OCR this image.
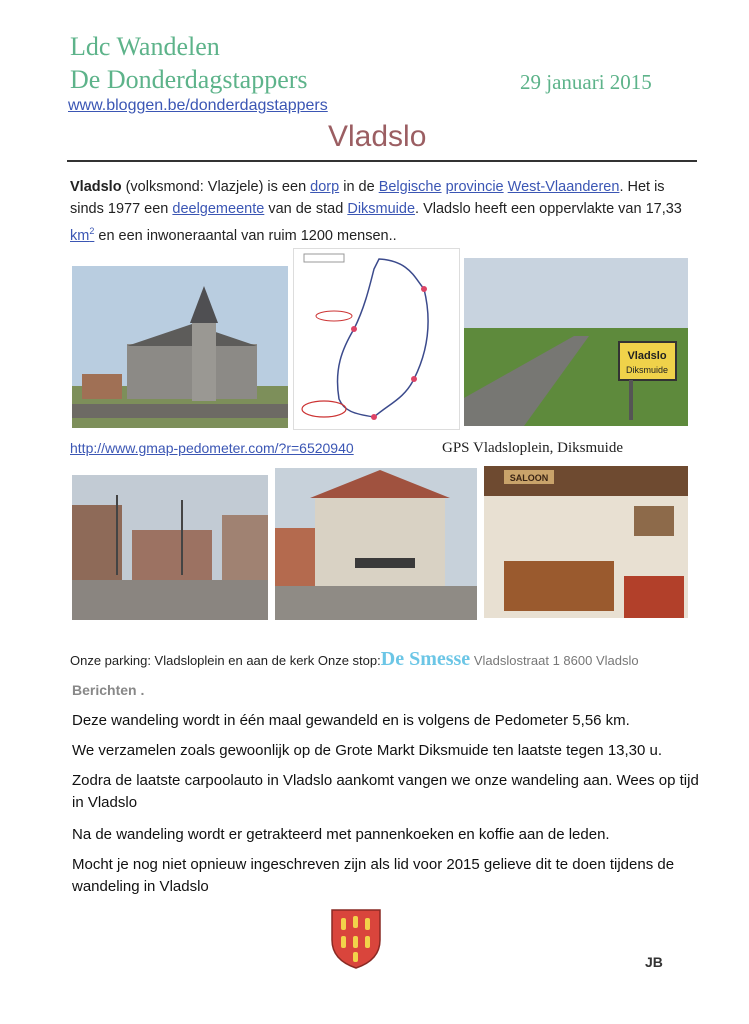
Ldc Wandelen
De Donderdagstappers	29 januari 2015
www.bloggen.be/donderdagstappers
Vladslo
Vladslo (volksmond: Vlazjele) is een dorp in de Belgische provincie West-Vlaanderen. Het is sinds 1977 een deelgemeente van de stad Diksmuide. Vladslo heeft een oppervlakte van 17,33 $km^2$ en een inwoneraantal van ruim 1200 mensen..
Vladslo
Diksmuide
http://www.gmap-pedometer.com/?r=6520940	GPS Vladsloplein, Diksmuide
SALOON
Onze parking: Vladsloplein en aan de kerk Onze stop:De Smesse Vladslostraat 1 8600 Vladslo
Berichten .
Deze wandeling wordt in één maal gewandeld en is volgens de Pedometer 5,56 km.
We verzamelen zoals gewoonlijk op de Grote Markt Diksmuide ten laatste tegen 13,30 u.
Zodra de laatste carpoolauto in Vladslo aankomt vangen we onze wandeling aan. Wees op tijd in Vladslo
Na de wandeling wordt er getrakteerd met pannenkoeken en koffie aan de leden.
Mocht je nog niet opnieuw ingeschreven zijn als lid voor 2015 gelieve dit te doen tijdens de wandeling in Vladslo
JB
